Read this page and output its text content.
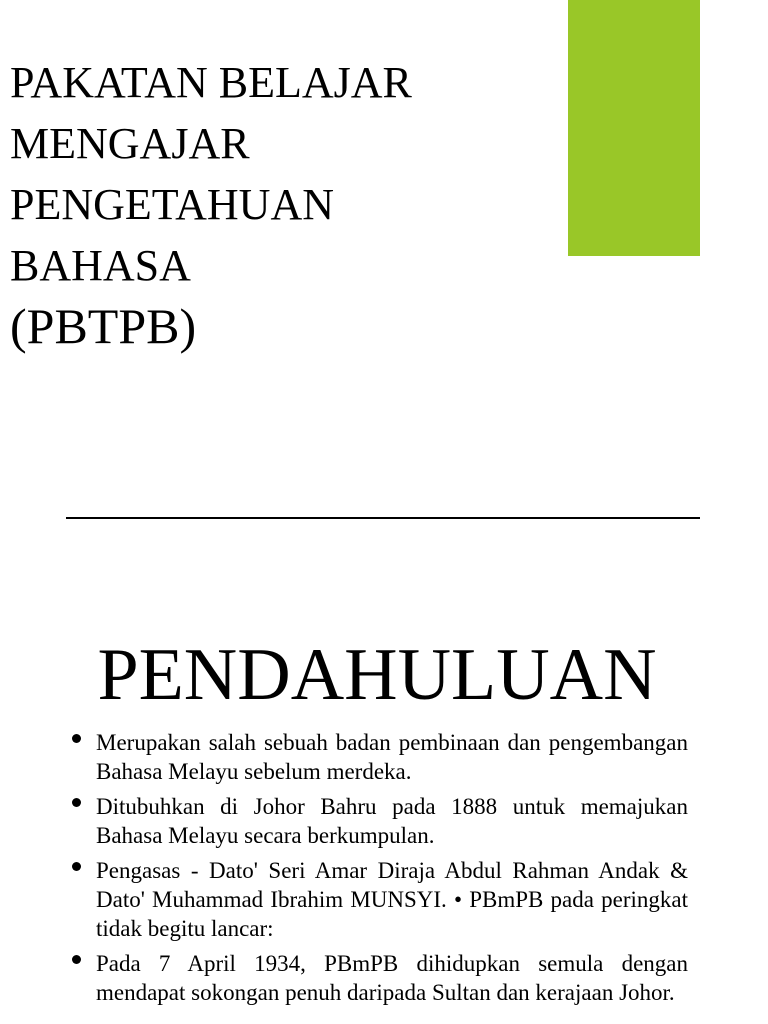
PAKATAN BELAJAR
MENGAJAR
PENGETAHUAN
BAHASA
(PBTPB)
PENDAHULUAN
Merupakan salah sebuah badan pembinaan dan pengembangan Bahasa Melayu sebelum merdeka.
Ditubuhkan di Johor Bahru pada 1888 untuk memajukan Bahasa Melayu secara berkumpulan.
Pengasas - Dato' Seri Amar Diraja Abdul Rahman Andak & Dato' Muhammad Ibrahim MUNSYI. • PBmPB pada peringkat tidak begitu lancar:
Pada 7 April 1934, PBmPB dihidupkan semula dengan mendapat sokongan penuh daripada Sultan dan kerajaan Johor.
